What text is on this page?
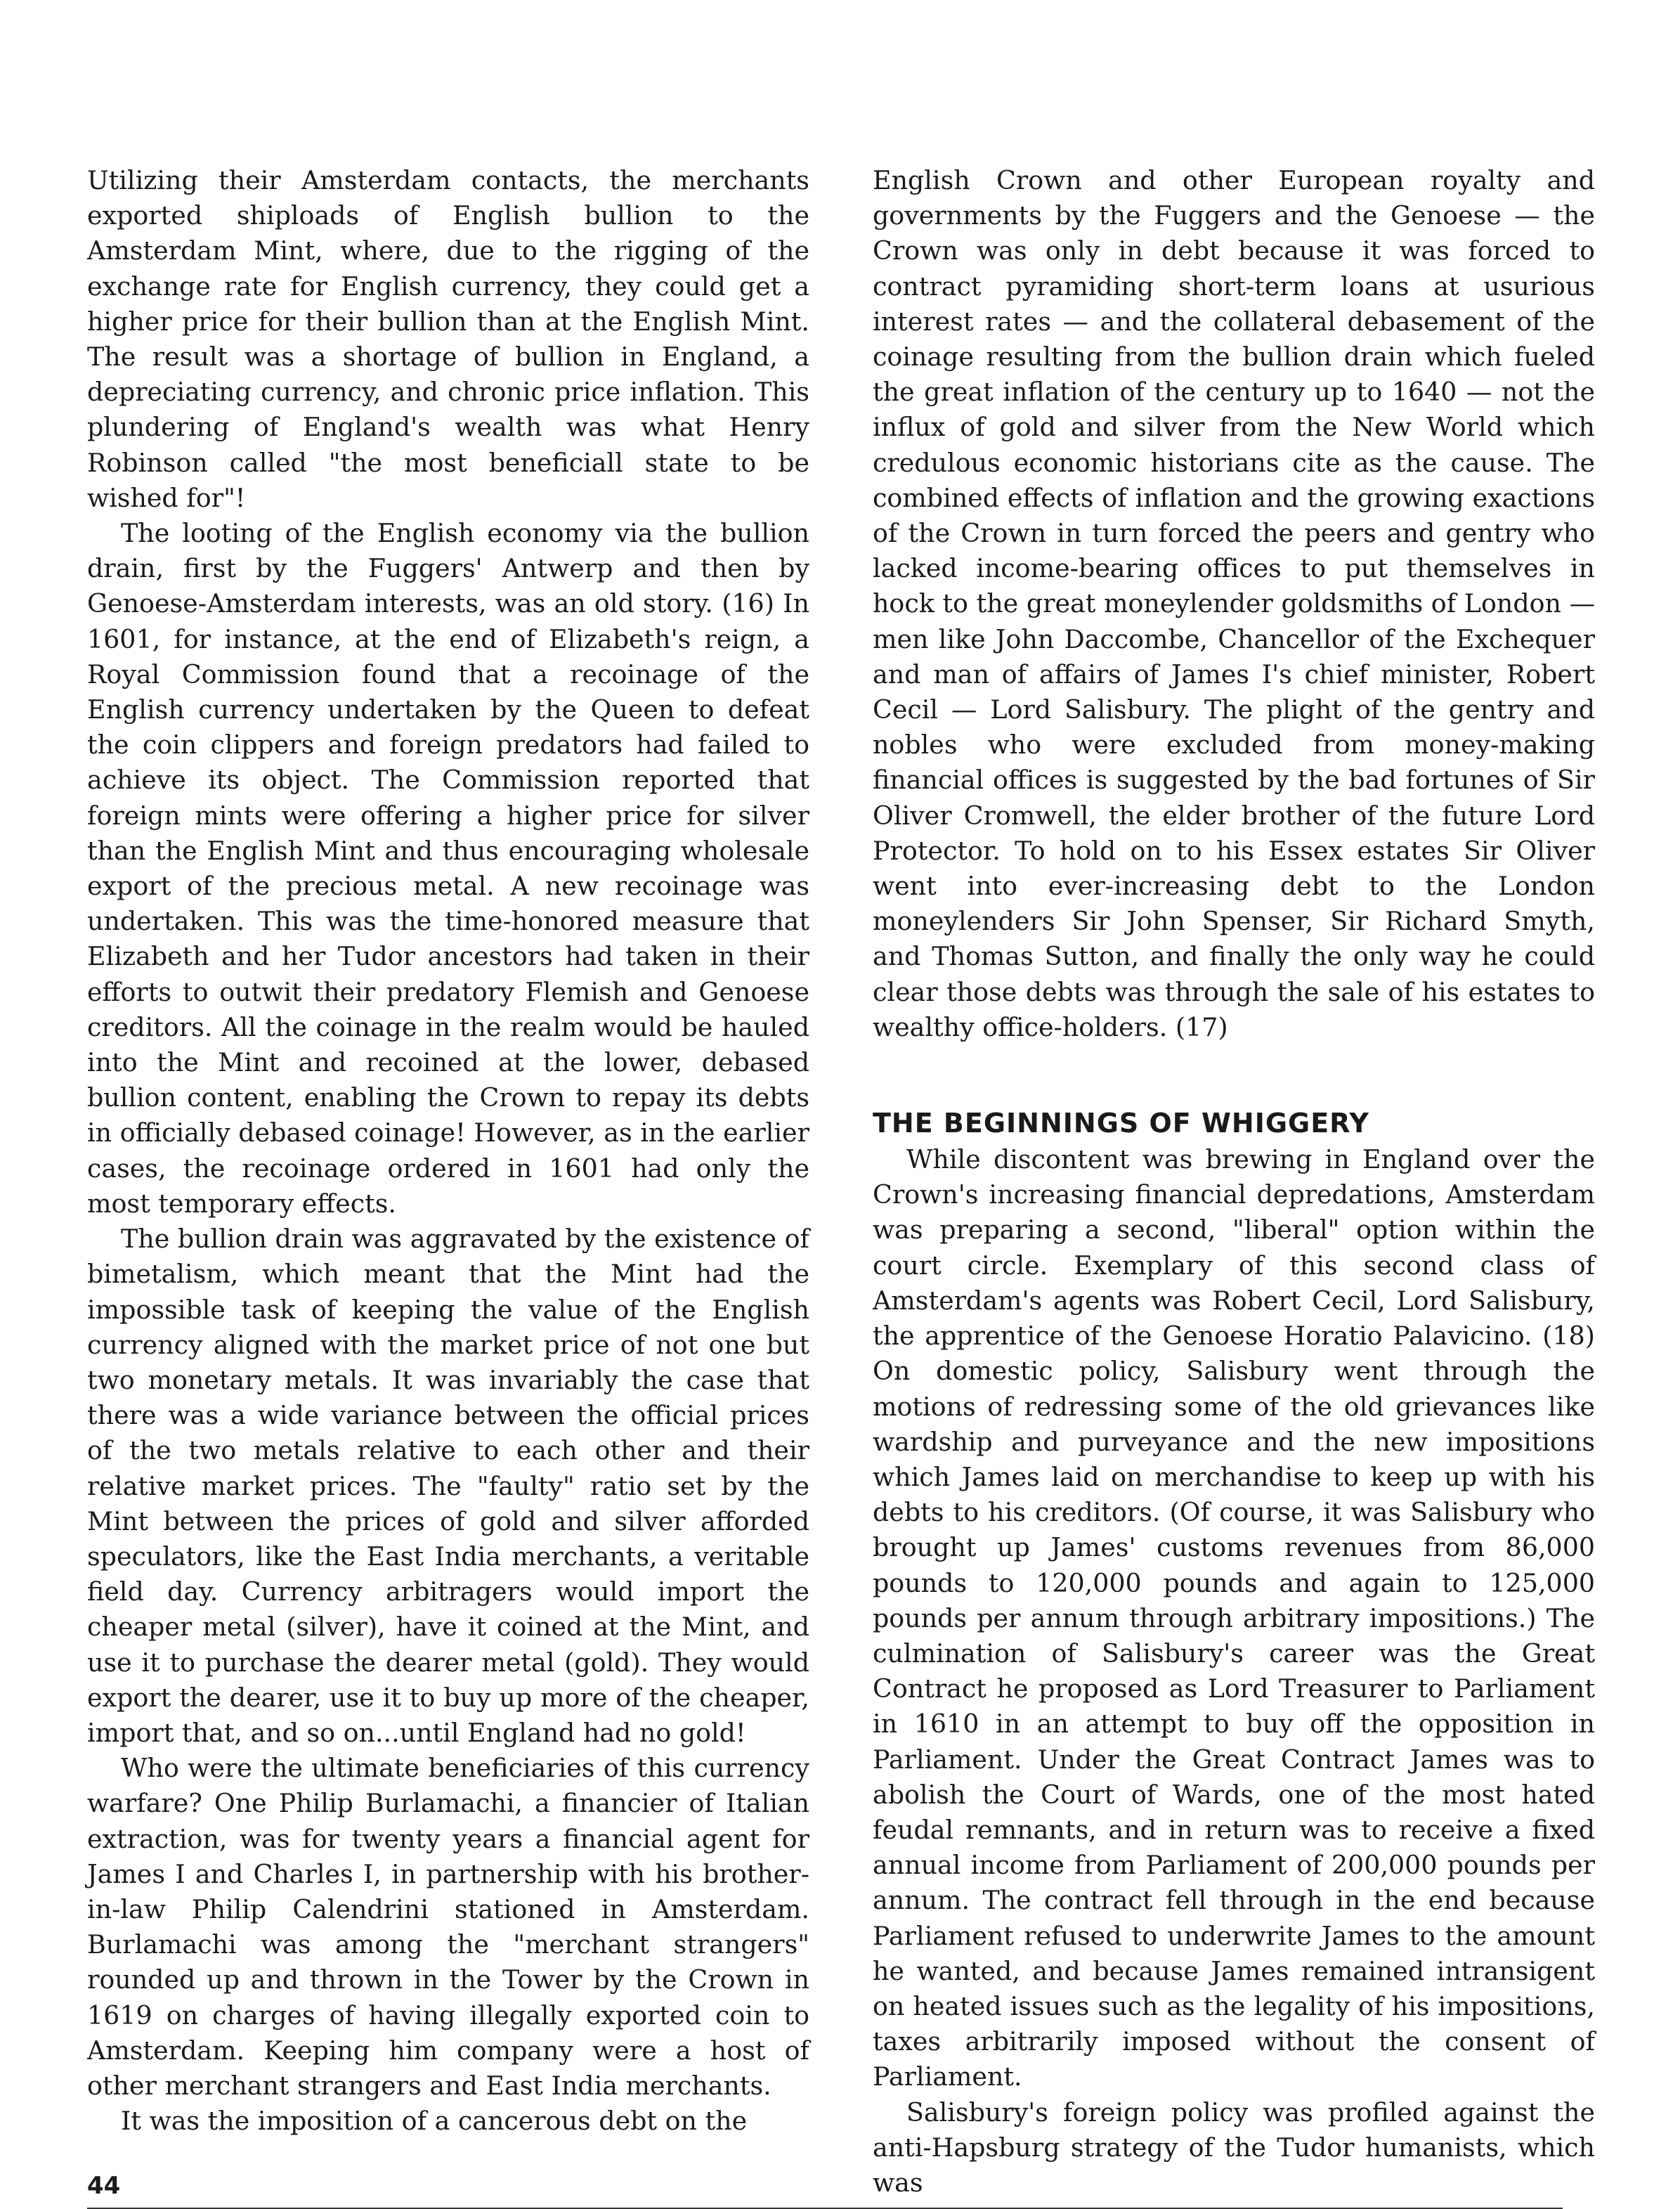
Utilizing their Amsterdam contacts, the merchants exported shiploads of English bullion to the Amsterdam Mint, where, due to the rigging of the exchange rate for English currency, they could get a higher price for their bullion than at the English Mint. The result was a shortage of bullion in England, a depreciating currency, and chronic price inflation. This plundering of England's wealth was what Henry Robinson called "the most beneficiall state to be wished for"!

The looting of the English economy via the bullion drain, first by the Fuggers' Antwerp and then by Genoese-Amsterdam interests, was an old story. (16) In 1601, for instance, at the end of Elizabeth's reign, a Royal Commission found that a recoinage of the English currency undertaken by the Queen to defeat the coin clippers and foreign predators had failed to achieve its object. The Commission reported that foreign mints were offering a higher price for silver than the English Mint and thus encouraging wholesale export of the precious metal. A new recoinage was undertaken. This was the time-honored measure that Elizabeth and her Tudor ancestors had taken in their efforts to outwit their predatory Flemish and Genoese creditors. All the coinage in the realm would be hauled into the Mint and recoined at the lower, debased bullion content, enabling the Crown to repay its debts in officially debased coinage! However, as in the earlier cases, the recoinage ordered in 1601 had only the most temporary effects.

The bullion drain was aggravated by the existence of bimetalism, which meant that the Mint had the impossible task of keeping the value of the English currency aligned with the market price of not one but two monetary metals. It was invariably the case that there was a wide variance between the official prices of the two metals relative to each other and their relative market prices. The "faulty" ratio set by the Mint between the prices of gold and silver afforded speculators, like the East India merchants, a veritable field day. Currency arbitragers would import the cheaper metal (silver), have it coined at the Mint, and use it to purchase the dearer metal (gold). They would export the dearer, use it to buy up more of the cheaper, import that, and so on...until England had no gold!

Who were the ultimate beneficiaries of this currency warfare? One Philip Burlamachi, a financier of Italian extraction, was for twenty years a financial agent for James I and Charles I, in partnership with his brother-in-law Philip Calendrini stationed in Amsterdam. Burlamachi was among the "merchant strangers" rounded up and thrown in the Tower by the Crown in 1619 on charges of having illegally exported coin to Amsterdam. Keeping him company were a host of other merchant strangers and East India merchants.

It was the imposition of a cancerous debt on the

English Crown and other European royalty and governments by the Fuggers and the Genoese — the Crown was only in debt because it was forced to contract pyramiding short-term loans at usurious interest rates — and the collateral debasement of the coinage resulting from the bullion drain which fueled the great inflation of the century up to 1640 — not the influx of gold and silver from the New World which credulous economic historians cite as the cause. The combined effects of inflation and the growing exactions of the Crown in turn forced the peers and gentry who lacked income-bearing offices to put themselves in hock to the great moneylender goldsmiths of London — men like John Daccombe, Chancellor of the Exchequer and man of affairs of James I's chief minister, Robert Cecil — Lord Salisbury. The plight of the gentry and nobles who were excluded from money-making financial offices is suggested by the bad fortunes of Sir Oliver Cromwell, the elder brother of the future Lord Protector. To hold on to his Essex estates Sir Oliver went into ever-increasing debt to the London moneylenders Sir John Spenser, Sir Richard Smyth, and Thomas Sutton, and finally the only way he could clear those debts was through the sale of his estates to wealthy office-holders. (17)

THE BEGINNINGS OF WHIGGERY

While discontent was brewing in England over the Crown's increasing financial depredations, Amsterdam was preparing a second, "liberal" option within the court circle. Exemplary of this second class of Amsterdam's agents was Robert Cecil, Lord Salisbury, the apprentice of the Genoese Horatio Palavicino. (18) On domestic policy, Salisbury went through the motions of redressing some of the old grievances like wardship and purveyance and the new impositions which James laid on merchandise to keep up with his debts to his creditors. (Of course, it was Salisbury who brought up James' customs revenues from 86,000 pounds to 120,000 pounds and again to 125,000 pounds per annum through arbitrary impositions.) The culmination of Salisbury's career was the Great Contract he proposed as Lord Treasurer to Parliament in 1610 in an attempt to buy off the opposition in Parliament. Under the Great Contract James was to abolish the Court of Wards, one of the most hated feudal remnants, and in return was to receive a fixed annual income from Parliament of 200,000 pounds per annum. The contract fell through in the end because Parliament refused to underwrite James to the amount he wanted, and because James remained intransigent on heated issues such as the legality of his impositions, taxes arbitrarily imposed without the consent of Parliament.

Salisbury's foreign policy was profiled against the anti-Hapsburg strategy of the Tudor humanists, which was

44
